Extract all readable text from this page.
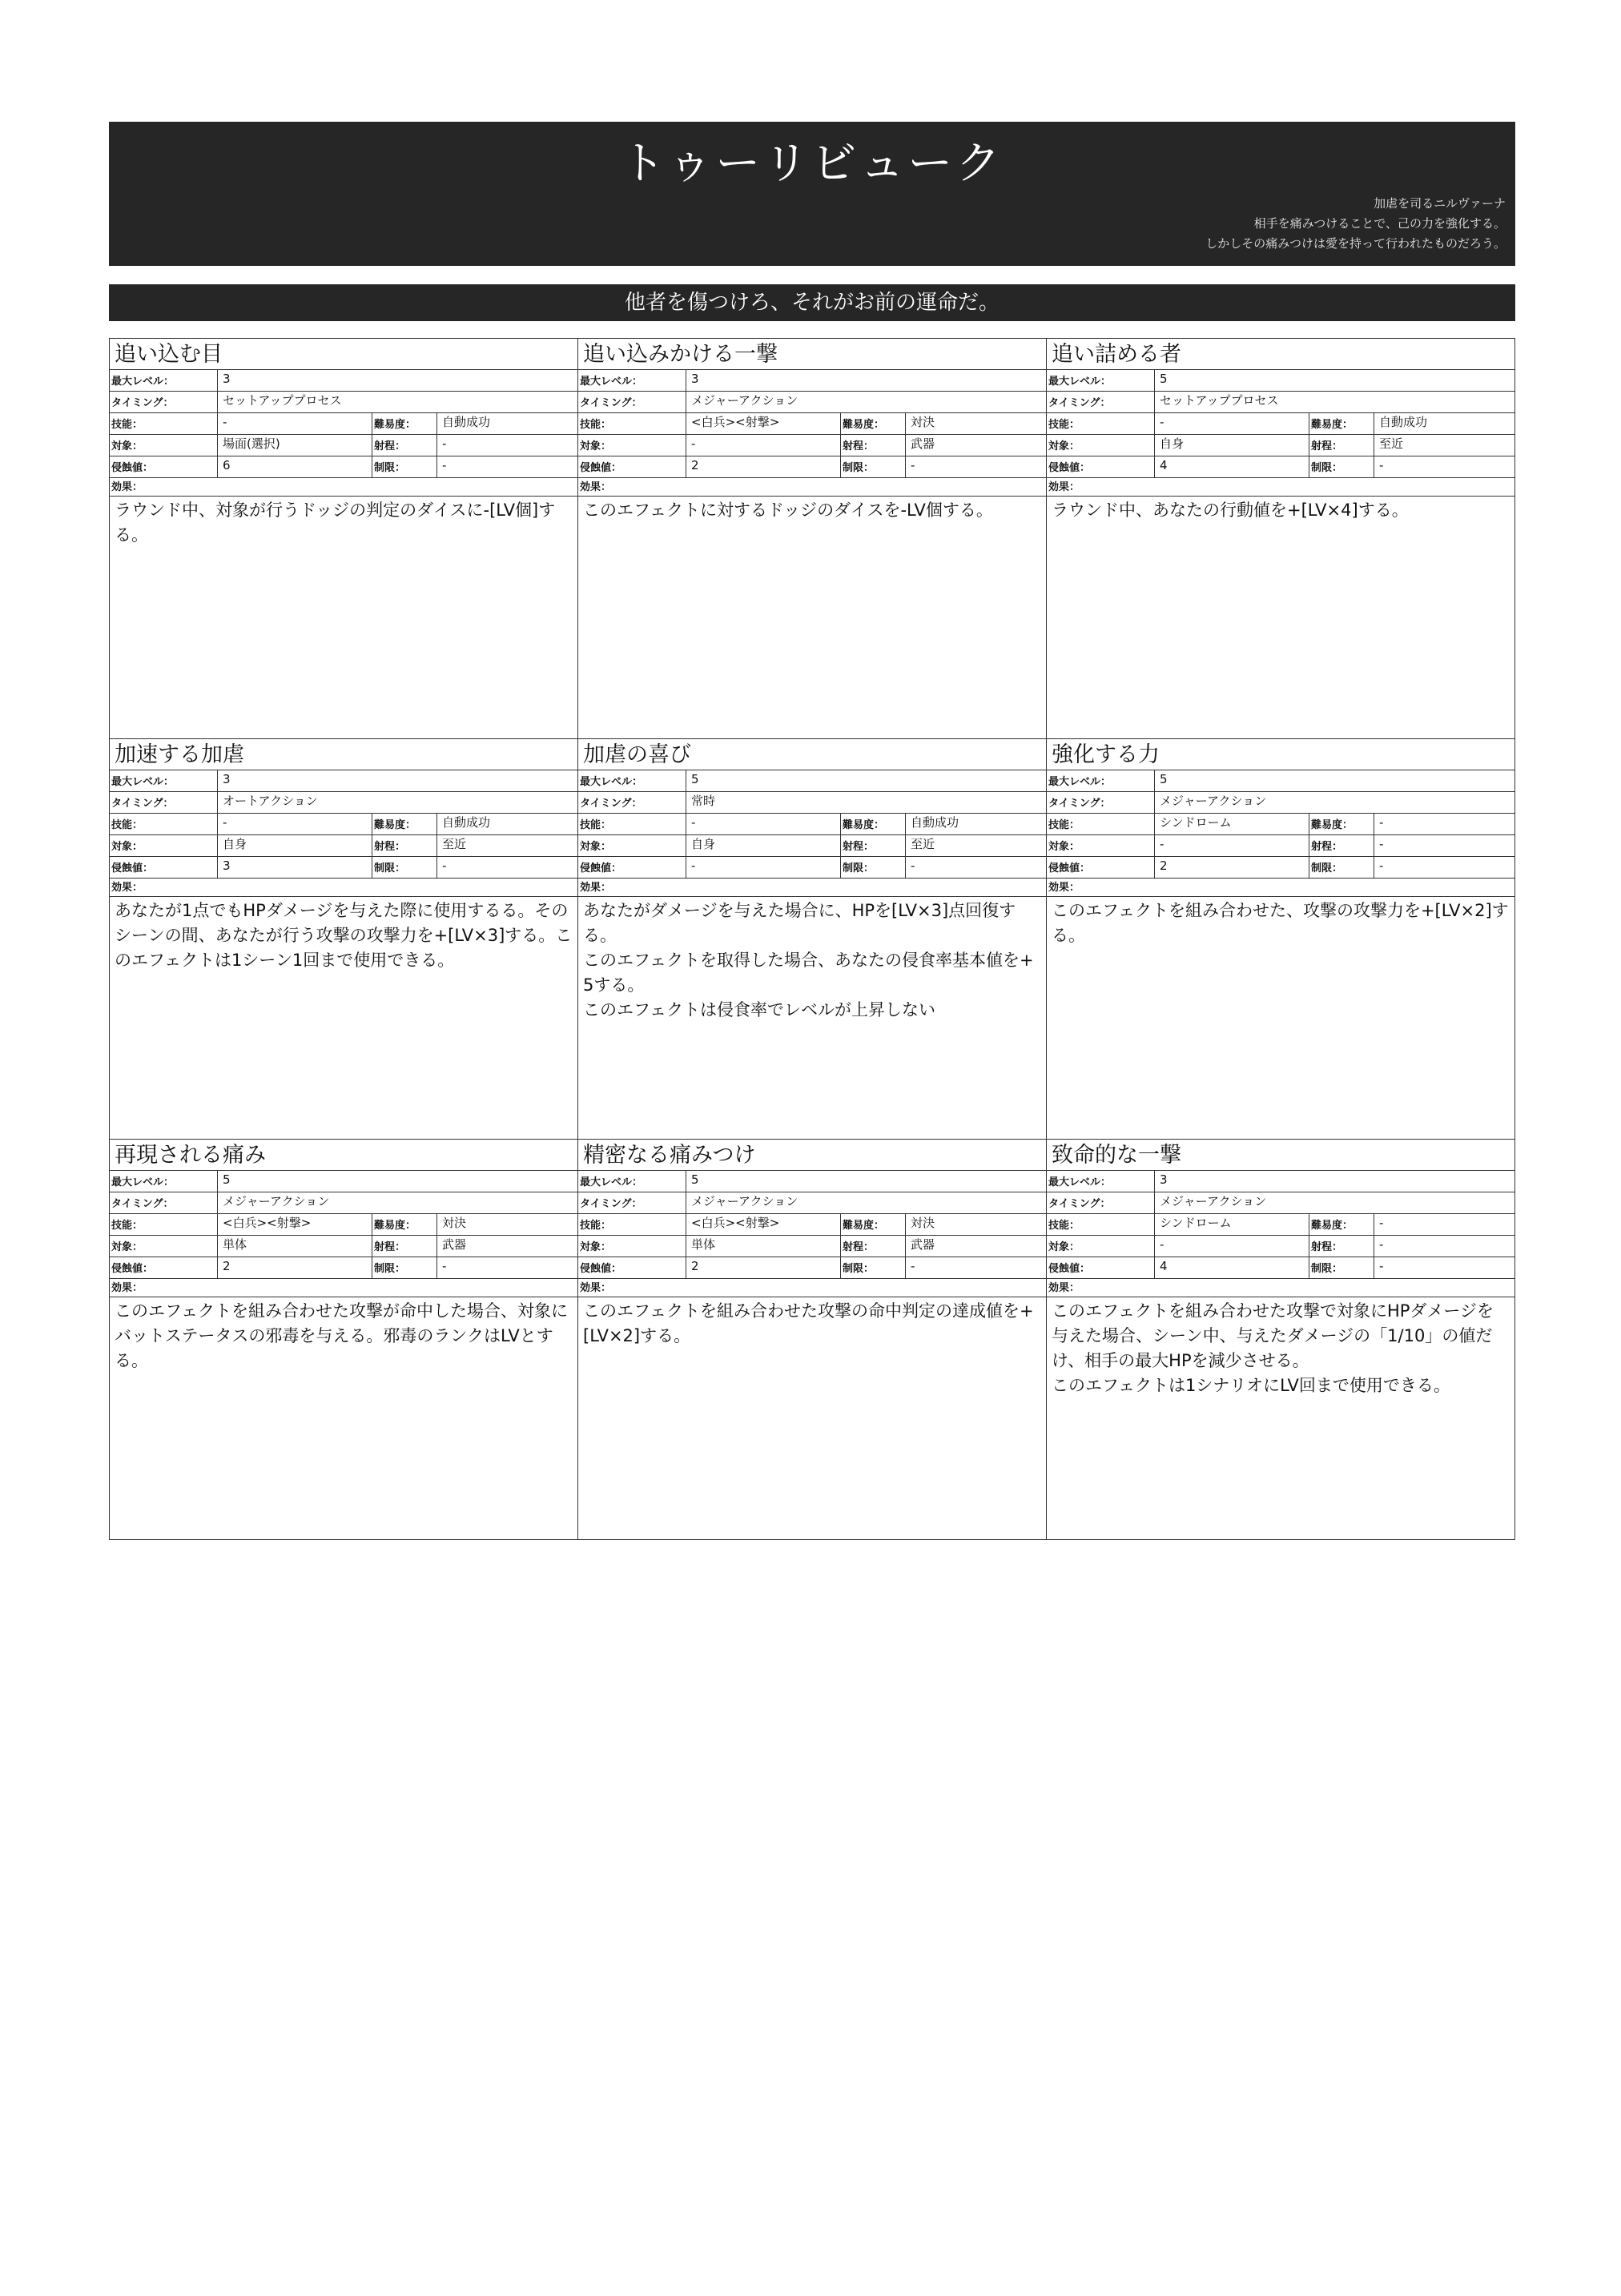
トゥーリビューク
加虐を司るニルヴァーナ
相手を痛みつけることで、己の力を強化する。
しかしその痛みつけは愛を持って行われたものだろう。
他者を傷つけろ、それがお前の運命だ。
追い込む目
最大レベル：	3
タイミング：	セットアッププロセス
技能：	-	難易度：	自動成功
対象：	場面(選択)	射程：	-
侵蝕値：	6	制限：	-
効果：
ラウンド中、対象が行うドッジの判定のダイスに-[LV個]する。
追い込みかける一撃
最大レベル：	3
タイミング：	メジャーアクション
技能：	<白兵><射撃>	難易度：	対決
対象：	-	射程：	武器
侵蝕値：	2	制限：	-
効果：
このエフェクトに対するドッジのダイスを-LV個する。
追い詰める者
最大レベル：	5
タイミング：	セットアッププロセス
技能：	-	難易度：	自動成功
対象：	自身	射程：	至近
侵蝕値：	4	制限：	-
効果：
ラウンド中、あなたの行動値を+[LV×4]する。
加速する加虐
最大レベル：	3
タイミング：	オートアクション
技能：	-	難易度：	自動成功
対象：	自身	射程：	至近
侵蝕値：	3	制限：	-
効果：
あなたが1点でもHPダメージを与えた際に使用するる。そのシーンの間、あなたが行う攻撃の攻撃力を+[LV×3]する。このエフェクトは1シーン1回まで使用できる。
加虐の喜び
最大レベル：	5
タイミング：	常時
技能：	-	難易度：	自動成功
対象：	自身	射程：	至近
侵蝕値：	-	制限：	-
効果：
あなたがダメージを与えた場合に、HPを[LV×3]点回復する。
このエフェクトを取得した場合、あなたの侵食率基本値を+5する。
このエフェクトは侵食率でレベルが上昇しない
強化する力
最大レベル：	5
タイミング：	メジャーアクション
技能：	シンドローム	難易度：	-
対象：	-	射程：	-
侵蝕値：	2	制限：	-
効果：
このエフェクトを組み合わせた、攻撃の攻撃力を+[LV×2]する。
再現される痛み
最大レベル：	5
タイミング：	メジャーアクション
技能：	<白兵><射撃>	難易度：	対決
対象：	単体	射程：	武器
侵蝕値：	2	制限：	-
効果：
このエフェクトを組み合わせた攻撃が命中した場合、対象にバットステータスの邪毒を与える。邪毒のランクはLVとする。
精密なる痛みつけ
最大レベル：	5
タイミング：	メジャーアクション
技能：	<白兵><射撃>	難易度：	対決
対象：	単体	射程：	武器
侵蝕値：	2	制限：	-
効果：
このエフェクトを組み合わせた攻撃の命中判定の達成値を+[LV×2]する。
致命的な一撃
最大レベル：	3
タイミング：	メジャーアクション
技能：	シンドローム	難易度：	-
対象：	-	射程：	-
侵蝕値：	4	制限：	-
効果：
このエフェクトを組み合わせた攻撃で対象にHPダメージを与えた場合、シーン中、与えたダメージの「1/10」の値だけ、相手の最大HPを減少させる。
このエフェクトは1シナリオにLV回まで使用できる。
